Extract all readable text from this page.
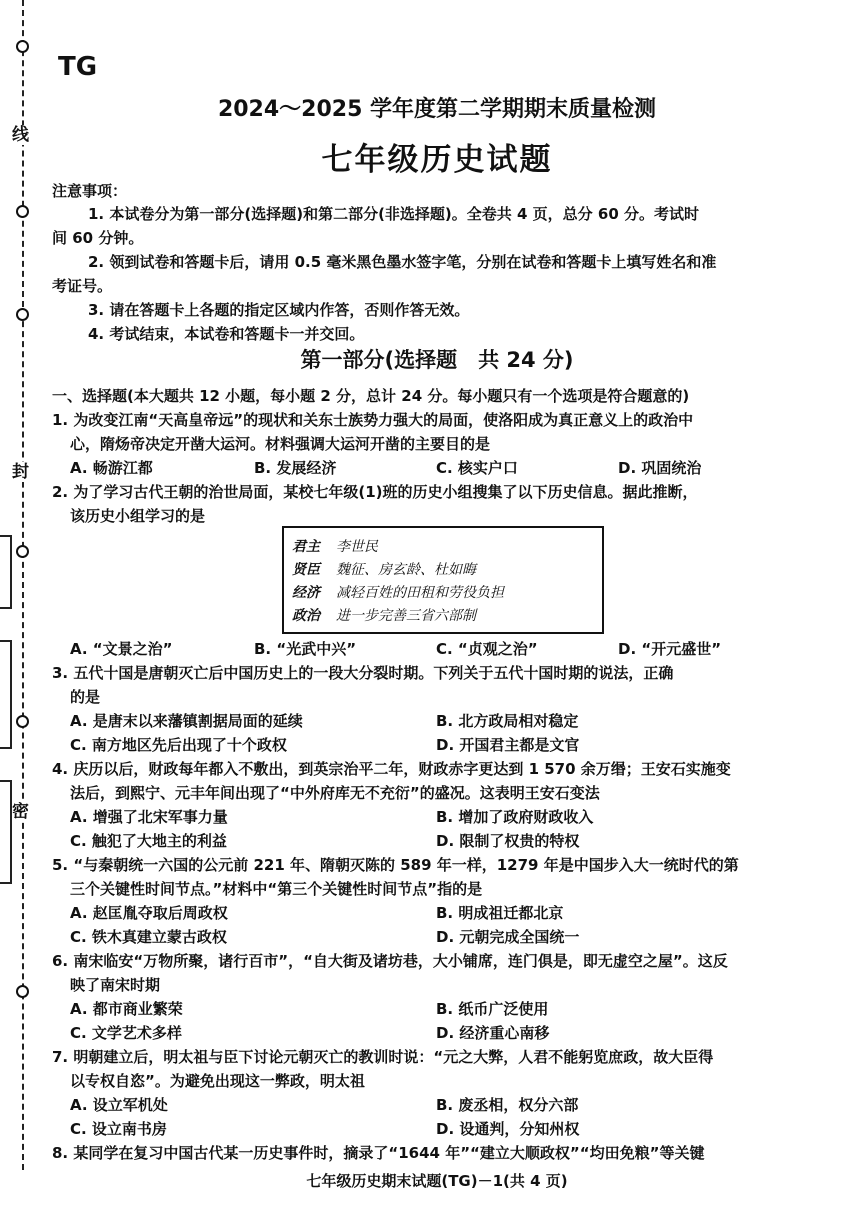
线
封
密
TG
2024～2025 学年度第二学期期末质量检测
七年级历史试题
注意事项：
1. 本试卷分为第一部分(选择题)和第二部分(非选择题)。全卷共 4 页，总分 60 分。考试时
间 60 分钟。
2. 领到试卷和答题卡后，请用 0.5 毫米黑色墨水签字笔，分别在试卷和答题卡上填写姓名和准
考证号。
3. 请在答题卡上各题的指定区域内作答，否则作答无效。
4. 考试结束，本试卷和答题卡一并交回。
第一部分(选择题　共 24 分)
一、选择题(本大题共 12 小题，每小题 2 分，总计 24 分。每小题只有一个选项是符合题意的)
1. 为改变江南“天高皇帝远”的现状和关东士族势力强大的局面，使洛阳成为真正意义上的政治中
心，隋炀帝决定开凿大运河。材料强调大运河开凿的主要目的是
A. 畅游江都	B. 发展经济	C. 核实户口	D. 巩固统治
2. 为了学习古代王朝的治世局面，某校七年级(1)班的历史小组搜集了以下历史信息。据此推断，
该历史小组学习的是
君主 李世民
贤臣 魏征、房玄龄、杜如晦
经济 减轻百姓的田租和劳役负担
政治 进一步完善三省六部制
A. “文景之治”	B. “光武中兴”	C. “贞观之治”	D. “开元盛世”
3. 五代十国是唐朝灭亡后中国历史上的一段大分裂时期。下列关于五代十国时期的说法，正确
的是
A. 是唐末以来藩镇割据局面的延续	B. 北方政局相对稳定
C. 南方地区先后出现了十个政权	D. 开国君主都是文官
4. 庆历以后，财政每年都入不敷出，到英宗治平二年，财政赤字更达到 1 570 余万缗；王安石实施变
法后，到熙宁、元丰年间出现了“中外府库无不充衍”的盛况。这表明王安石变法
A. 增强了北宋军事力量	B. 增加了政府财政收入
C. 触犯了大地主的利益	D. 限制了权贵的特权
5. “与秦朝统一六国的公元前 221 年、隋朝灭陈的 589 年一样，1279 年是中国步入大一统时代的第
三个关键性时间节点。”材料中“第三个关键性时间节点”指的是
A. 赵匡胤夺取后周政权	B. 明成祖迁都北京
C. 铁木真建立蒙古政权	D. 元朝完成全国统一
6. 南宋临安“万物所聚，诸行百市”，“自大街及诸坊巷，大小铺席，连门俱是，即无虚空之屋”。这反
映了南宋时期
A. 都市商业繁荣	B. 纸币广泛使用
C. 文学艺术多样	D. 经济重心南移
7. 明朝建立后，明太祖与臣下讨论元朝灭亡的教训时说：“元之大弊，人君不能躬览庶政，故大臣得
以专权自恣”。为避免出现这一弊政，明太祖
A. 设立军机处	B. 废丞相，权分六部
C. 设立南书房	D. 设通判，分知州权
8. 某同学在复习中国古代某一历史事件时，摘录了“1644 年”“建立大顺政权”“均田免粮”等关键
七年级历史期末试题(TG)－1(共 4 页)
